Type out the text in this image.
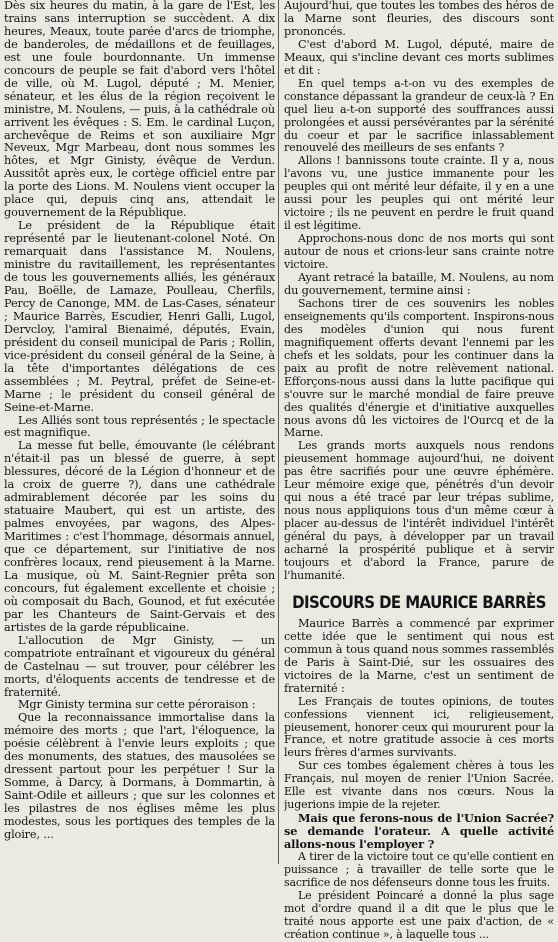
Dès six heures du matin, à la gare de l'Est, les trains sans interruption se succèdent. A dix heures, Meaux, toute parée d'arcs de triomphe, de banderoles, de médaillons et de feuillages, est une foule bourdonnante. Un immense concours de peuple se fait d'abord vers l'hôtel de ville, où M. Lugol, député ; M. Menier, sénateur, et les élus de la région reçoivent le ministre, M. Noulens, — puis, à la cathédrale où arrivent les évêques : S. Em. le cardinal Luçon, archevêque de Reims et son auxiliaire Mgr Neveux, Mgr Marbeau, dont nous sommes les hôtes, et Mgr Ginisty, évêque de Verdun. Aussitôt après eux, le cortège officiel entre par la porte des Lions. M. Noulens vient occuper la place qui, depuis cinq ans, attendait le gouvernement de la République.

Le président de la République était représenté par le lieutenant-colonel Noté. On remarquait dans l'assistance M. Noulens, ministre du ravitaillement, les représentantes de tous les gouvernements alliés, les généraux Pau, Boëlle, de Lamaze, Poulleau, Cherfils, Percy de Canonge, MM. de Las-Cases, sénateur ; Maurice Barrès, Escudier, Henri Galli, Lugol, Dervcloy, l'amiral Bienaimé, députés, Evain, président du conseil municipal de Paris ; Rollin, vice-président du conseil général de la Seine, à la tête d'importantes délégations de ces assemblées ; M. Peytral, préfet de Seine-et-Marne ; le président du conseil général de Seine-et-Marne.

Les Alliés sont tous représentés ; le spectacle est magnifique.

La messe fut belle, émouvante (le célébrant n'était-il pas un blessé de guerre, à sept blessures, décoré de la Légion d'honneur et de la croix de guerre ?), dans une cathédrale admirablement décorée par les soins du statuaire Maubert, qui est un artiste, des palmes envoyées, par wagons, des Alpes-Maritimes : c'est l'hommage, désormais annuel, que ce département, sur l'initiative de nos confrères locaux, rend pieusement à la Marne. La musique, où M. Saint-Regnier prêta son concours, fut également excellente et choisie ; où composait du Bach, Gounod, et fut exécutée par les Chanteurs de Saint-Gervais et des artistes de la garde républicaine.

L'allocution de Mgr Ginisty, — un compatriote entraînant et vigoureux du général de Castelnau — sut trouver, pour célébrer les morts, d'éloquents accents de tendresse et de fraternité.

Mgr Ginisty termina sur cette péroraison :

Que la reconnaissance immortalise dans la mémoire des morts ; que l'art, l'éloquence, la poésie célèbrent à l'envie leurs exploits ; que des monuments, des statues, des mausolées se dressent partout pour les perpétuer ! Sur la Somme, à Darcy, à Dormans, à Dommartin, à Saint-Odile et ailleurs ; que sur les colonnes et les pilastres de nos églises même les plus modestes, sous les portiques des temples de la gloire, ...

Aujourd'hui, que toutes les tombes des héros de la Marne sont fleuries, des discours sont prononcés.

C'est d'abord M. Lugol, député, maire de Meaux, qui s'incline devant ces morts sublimes et dit :

En quel temps a-t-on vu des exemples de constance dépassant la grandeur de ceux-là ? En quel lieu a-t-on supporté des souffrances aussi prolongées et aussi persévérantes par la sérénité du coeur et par le sacrifice inlassablement renouvelé des meilleurs de ses enfants ?

Allons ! bannissons toute crainte. Il y a, nous l'avons vu, une justice immanente pour les peuples qui ont mérité leur défaite, il y en a une aussi pour les peuples qui ont mérité leur victoire ; ils ne peuvent en perdre le fruit quand il est légitime.

Approchons-nous donc de nos morts qui sont autour de nous et crions-leur sans crainte notre victoire.

Ayant retracé la bataille, M. Noulens, au nom du gouvernement, termine ainsi :

Sachons tirer de ces souvenirs les nobles enseignements qu'ils comportent. Inspirons-nous des modèles d'union qui nous furent magnifiquement offerts devant l'ennemi par les chefs et les soldats, pour les continuer dans la paix au profit de notre relèvement national. Efforçons-nous aussi dans la lutte pacifique qui s'ouvre sur le marché mondial de faire preuve des qualités d'énergie et d'initiative auxquelles nous avons dû les victoires de l'Ourcq et de la Marne.

Les grands morts auxquels nous rendons pieusement hommage aujourd'hui, ne doivent pas être sacrifiés pour une œuvre éphémère. Leur mémoire exige que, pénétrés d'un devoir qui nous a été tracé par leur trépas sublime, nous nous appliquions tous d'un même cœur à placer au-dessus de l'intérêt individuel l'intérêt général du pays, à développer par un travail acharné la prospérité publique et à servir toujours et d'abord la France, parure de l'humanité.

DISCOURS DE MAURICE BARRÈS

Maurice Barrès a commencé par exprimer cette idée que le sentiment qui nous est commun à tous quand nous sommes rassemblés de Paris à Saint-Dié, sur les ossuaires des victoires de la Marne, c'est un sentiment de fraternité :

Les Français de toutes opinions, de toutes confessions viennent ici, religieusement, pieusement, honorer ceux qui moururent pour la France, et notre gratitude associe à ces morts leurs frères d'armes survivants.

Sur ces tombes également chères à tous les Français, nul moyen de renier l'Union Sacrée. Elle est vivante dans nos cœurs. Nous la jugerions impie de la rejeter.

Mais que ferons-nous de l'Union Sacrée? se demande l'orateur. A quelle activité allons-nous l'employer ?

A tirer de la victoire tout ce qu'elle contient en puissance ; à travailler de telle sorte que le sacrifice de nos défenseurs donne tous les fruits.

Le président Poincaré a donné la plus sage mot d'ordre quand il a dit que le plus que le traité nous apporte est une paix d'action, de « création continue », à laquelle tous ...
